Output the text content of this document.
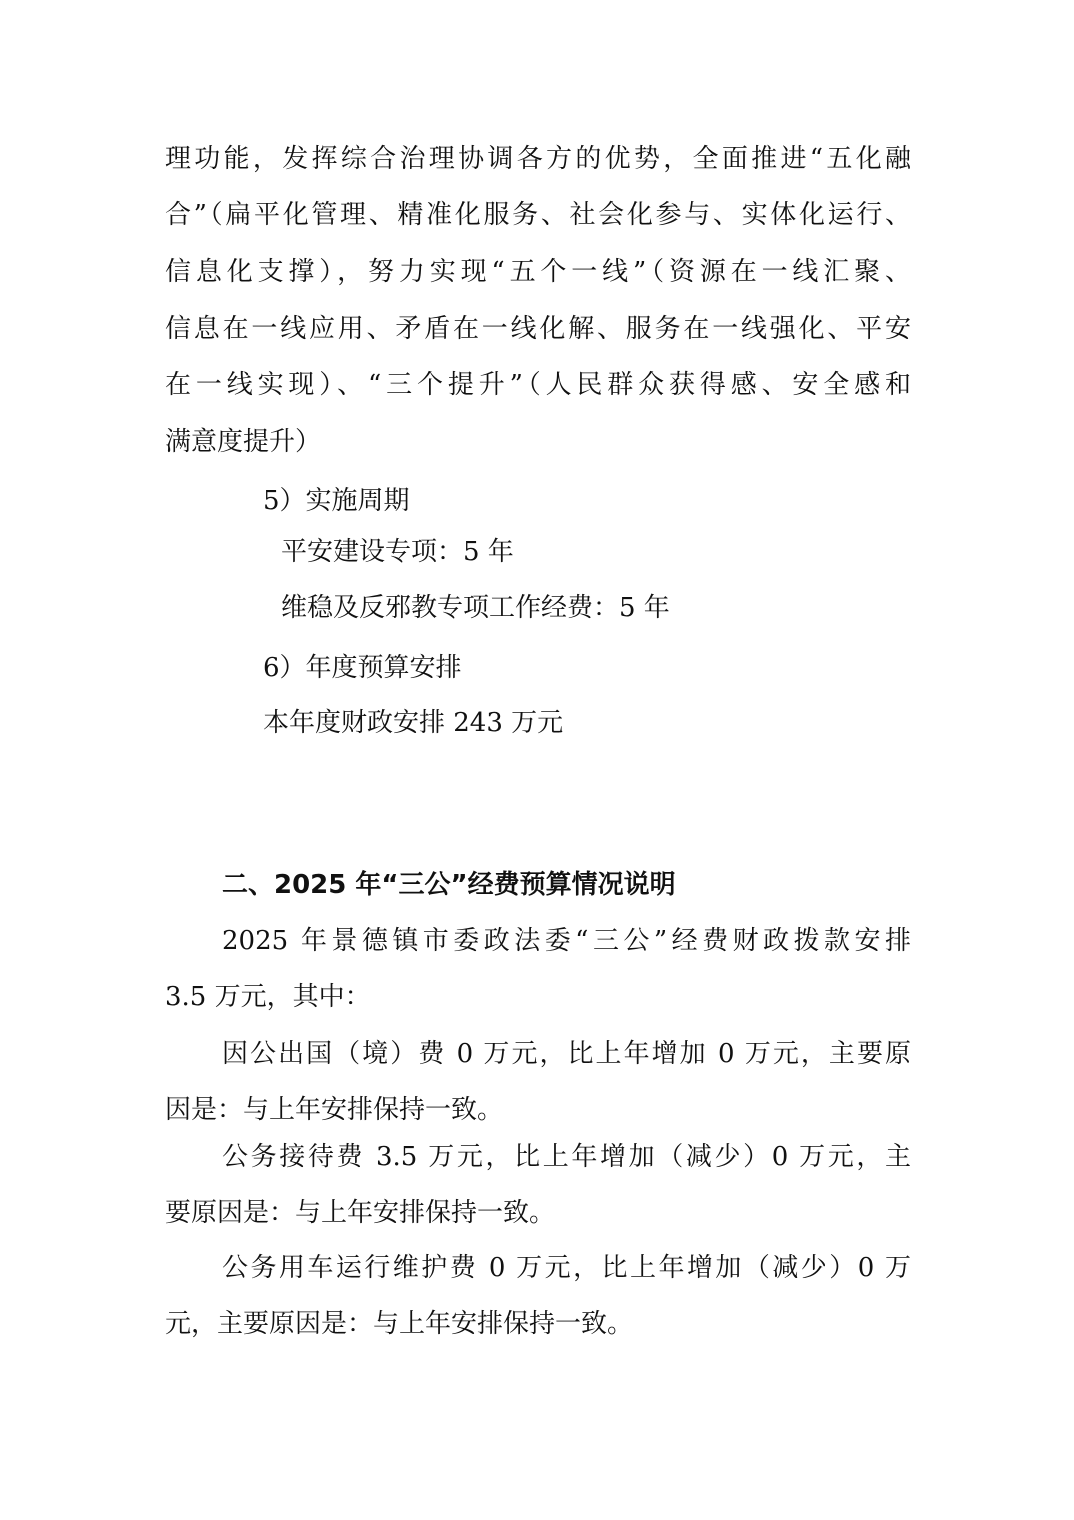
理功能，发挥综合治理协调各方的优势，全面推进“五化融
合”（扁平化管理、精准化服务、社会化参与、实体化运行、
信息化支撑），努力实现“五个一线”（资源在一线汇聚、
信息在一线应用、矛盾在一线化解、服务在一线强化、平安
在一线实现）、“三个提升”（人民群众获得感、安全感和
满意度提升）
5）实施周期
平安建设专项：5 年
维稳及反邪教专项工作经费：5 年
6）年度预算安排
本年度财政安排 243 万元
二、2025 年“三公”经费预算情况说明
2025 年景德镇市委政法委“三公”经费财政拨款安排
3.5 万元，其中：
因公出国（境）费 0 万元，比上年增加 0 万元，主要原
因是：与上年安排保持一致。
公务接待费 3.5 万元，比上年增加（减少）0 万元，主
要原因是：与上年安排保持一致。
公务用车运行维护费 0 万元，比上年增加（减少）0 万
元，主要原因是：与上年安排保持一致。
